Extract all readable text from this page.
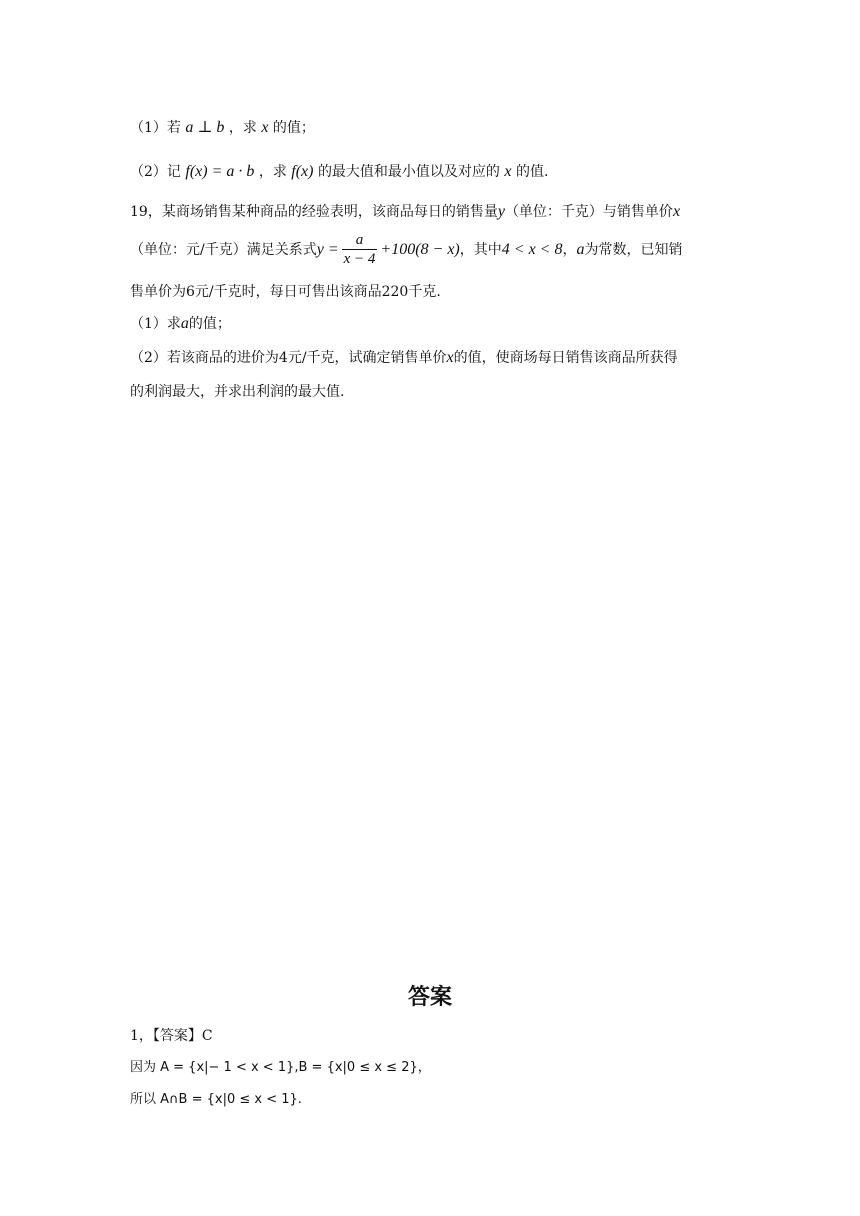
（1）若 a ⊥ b ，求 x 的值；
（2）记 f(x) = a · b ，求 f(x) 的最大值和最小值以及对应的 x 的值.
19，某商场销售某种商品的经验表明，该商品每日的销售量y（单位：千克）与销售单价x
（单位：元/千克）满足关系式$y = \frac{a}{x - 4} +100(8 - x)$，其中4 < x < 8，a为常数，已知销
售单价为6元/千克时，每日可售出该商品220千克.
（1）求a的值；
（2）若该商品的进价为4元/千克，试确定销售单价x的值，使商场每日销售该商品所获得
的利润最大，并求出利润的最大值.
答案
1，【答案】C
因为 A = {x|− 1 < x < 1},B = {x|0 ≤ x ≤ 2}，
所以 A∩B = {x|0 ≤ x < 1}.
